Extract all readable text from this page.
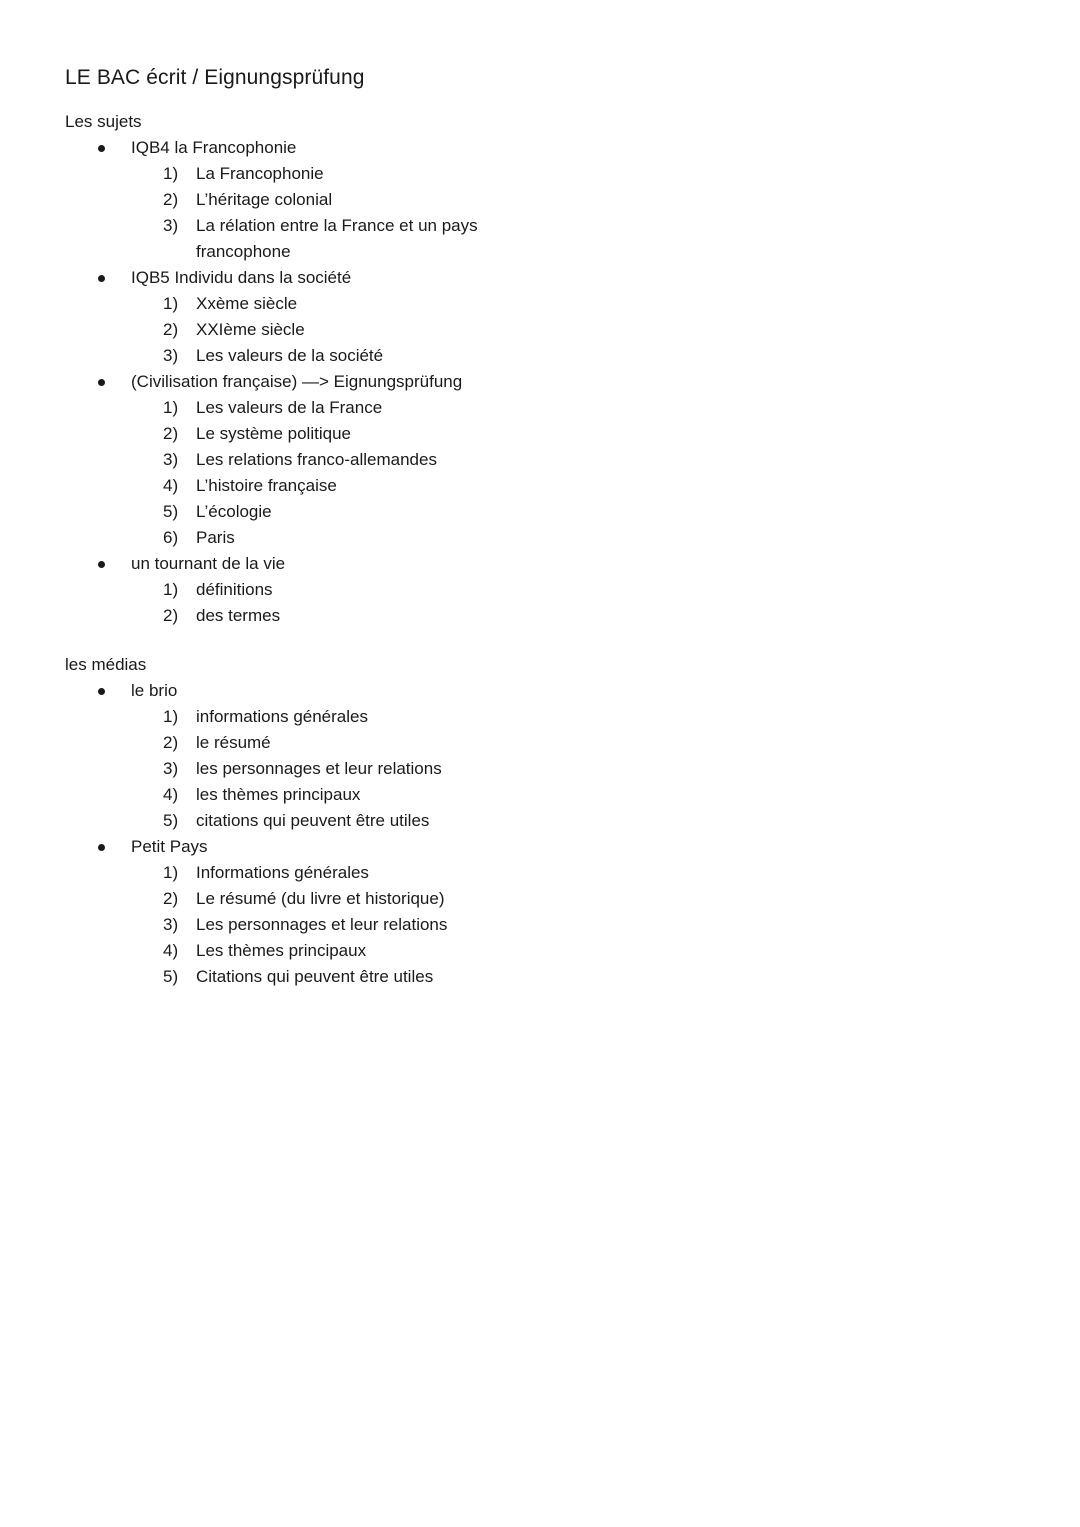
LE BAC écrit / Eignungsprüfung
Les sujets
IQB4 la Francophonie
1) La Francophonie
2) L’héritage colonial
3) La rélation entre la France et un pays francophone
IQB5 Individu dans la société
1) Xxème siècle
2) XXIème siècle
3) Les valeurs de la société
(Civilisation française) —> Eignungsprüfung
1) Les valeurs de la France
2) Le système politique
3) Les relations franco-allemandes
4) L’histoire française
5) L’écologie
6) Paris
un tournant de la vie
1) définitions
2) des termes
les médias
le brio
1) informations générales
2) le résumé
3) les personnages et leur relations
4) les thèmes principaux
5) citations qui peuvent être utiles
Petit Pays
1) Informations générales
2) Le résumé (du livre et historique)
3) Les personnages et leur relations
4) Les thèmes principaux
5) Citations qui peuvent être utiles
